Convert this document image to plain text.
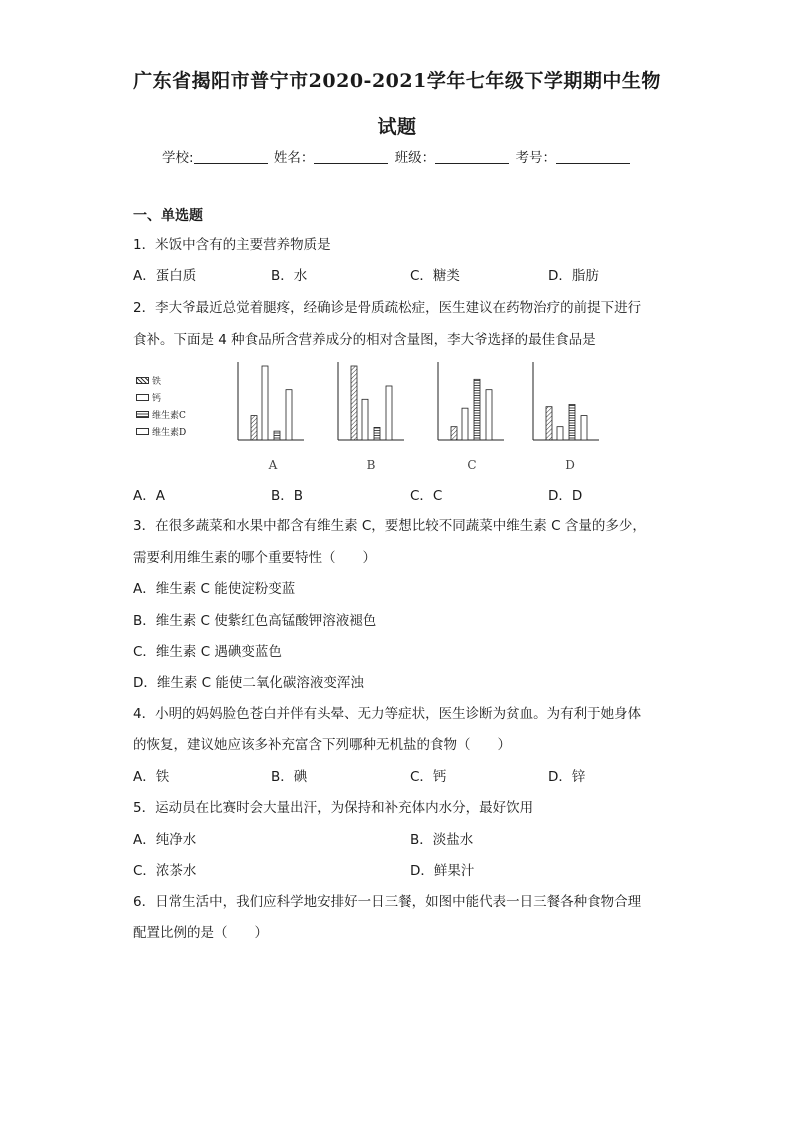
广东省揭阳市普宁市2020-2021学年七年级下学期期中生物
试题
学校:	姓名：	班级：	考号：
一、单选题
1．米饭中含有的主要营养物质是
A．蛋白质	B．水	C．糖类	D．脂肪
2．李大爷最近总觉着腿疼，经确诊是骨质疏松症，医生建议在药物治疗的前提下进行
食补。下面是 4 种食品所含营养成分的相对含量图，李大爷选择的最佳食品是
铁
钙
维生素C
维生素D
A	B	C	D
A．A	B．B	C．C	D．D
3．在很多蔬菜和水果中都含有维生素 C，要想比较不同蔬菜中维生素 C 含量的多少，
需要利用维生素的哪个重要特性（　　）
A．维生素 C 能使淀粉变蓝
B．维生素 C 使紫红色高锰酸钾溶液褪色
C．维生素 C 遇碘变蓝色
D．维生素 C 能使二氧化碳溶液变浑浊
4．小明的妈妈脸色苍白并伴有头晕、无力等症状，医生诊断为贫血。为有利于她身体
的恢复，建议她应该多补充富含下列哪种无机盐的食物（　　）
A．铁	B．碘	C．钙	D．锌
5．运动员在比赛时会大量出汗，为保持和补充体内水分，最好饮用
A．纯净水	B．淡盐水
C．浓茶水	D．鲜果汁
6．日常生活中，我们应科学地安排好一日三餐，如图中能代表一日三餐各种食物合理
配置比例的是（　　）
